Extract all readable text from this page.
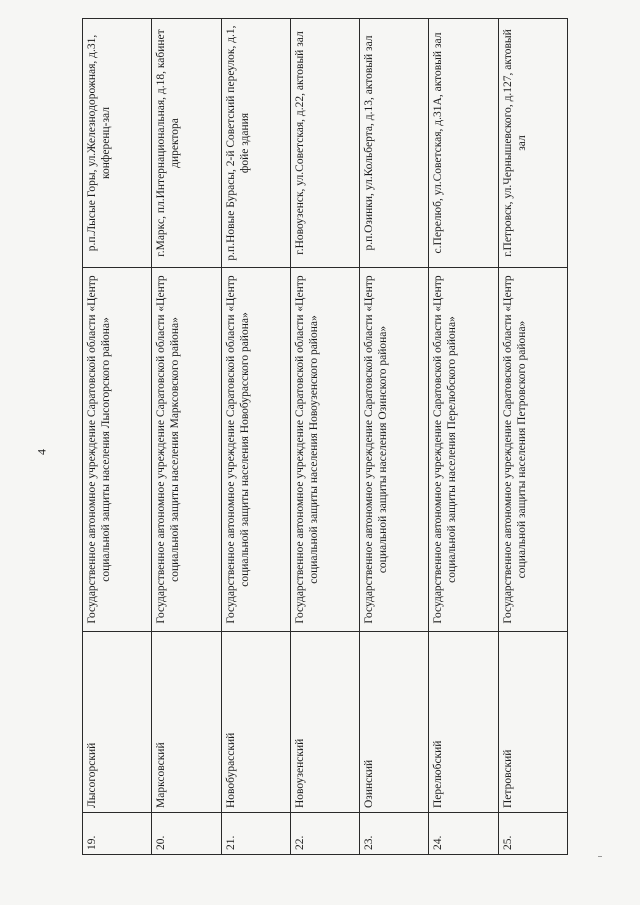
4
19.	Лысогорский	Государственное автономное учреждение Саратовской области «Центр социальной защиты населения Лысогорского района»	р.п.Лысые Горы, ул.Железнодорожная, д.31, конференц-зал
20.	Марксовский	Государственное автономное учреждение Саратовской области «Центр социальной защиты населения Марксовского района»	г.Маркс, пл.Интернациональная, д.18, кабинет директора
21.	Новобурасский	Государственное автономное учреждение Саратовской области «Центр социальной защиты населения Новобурасского района»	р.п.Новые Бурасы, 2-й Советский переулок, д.1, фойе здания
22.	Новоузенский	Государственное автономное учреждение Саратовской области «Центр социальной защиты населения Новоузенского района»	г.Новоузенск, ул.Советская, д.22, актовый зал
23.	Озинский	Государственное автономное учреждение Саратовской области «Центр социальной защиты населения Озинского района»	р.п.Озинки, ул.Кольберта, д.13, актовый зал
24.	Перелюбский	Государственное автономное учреждение Саратовской области «Центр социальной защиты населения Перелюбского района»	с.Перелюб, ул.Советская, д.31А, актовый зал
25.	Петровский	Государственное автономное учреждение Саратовской области «Центр социальной защиты населения Петровского района»	г.Петровск, ул.Чернышевского, д.127, актовый зал
